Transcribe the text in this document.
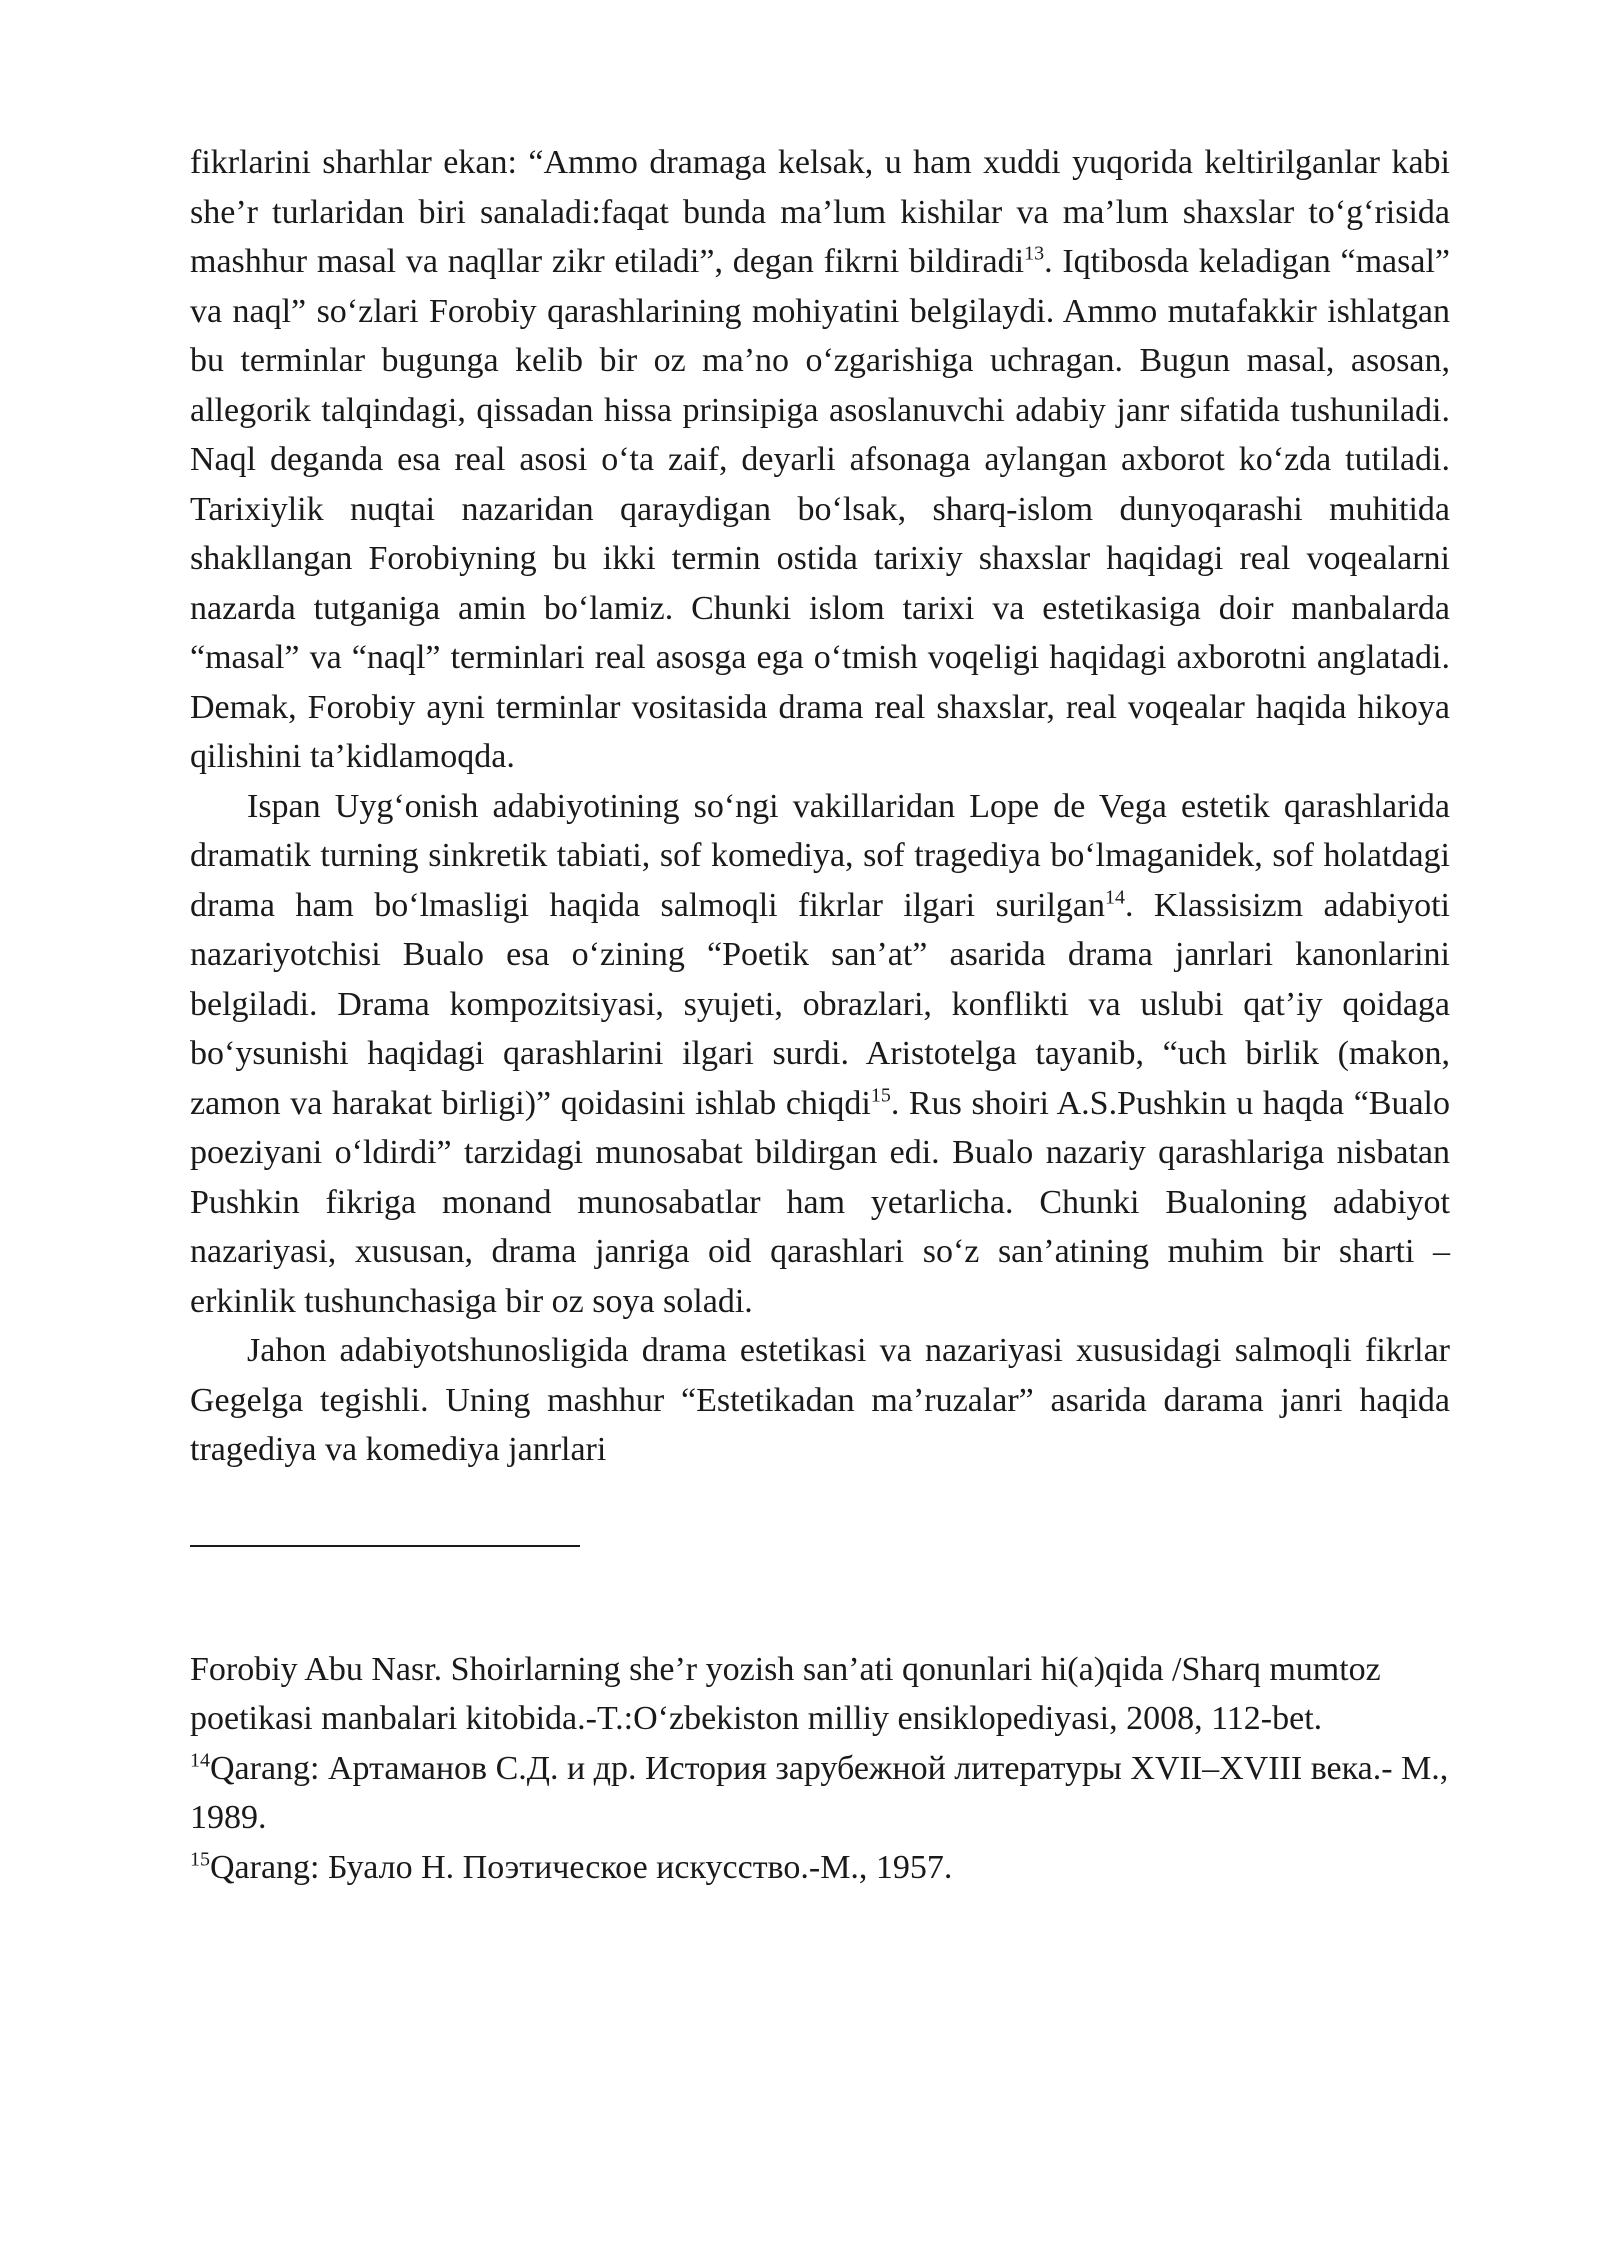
fikrlarini sharhlar ekan: “Ammo dramaga kelsak, u ham xuddi yuqorida keltirilganlar kabi she’r turlaridan biri sanaladi:faqat bunda ma’lum kishilar va ma’lum shaxslar to‘g‘risida mashhur masal va naqllar zikr etiladi”, degan fikrni bildiradi$^{13}$. Iqtibosda keladigan “masal” va naql” so‘zlari Forobiy qarashlarining mohiyatini belgilaydi. Ammo mutafakkir ishlatgan bu terminlar bugunga kelib bir oz ma’no o‘zgarishiga uchragan. Bugun masal, asosan, allegorik talqindagi, qissadan hissa prinsipiga asoslanuvchi adabiy janr sifatida tushuniladi. Naql deganda esa real asosi o‘ta zaif, deyarli afsonaga aylangan axborot ko‘zda tutiladi. Tarixiylik nuqtai nazaridan qaraydigan bo‘lsak, sharq-islom dunyoqarashi muhitida shakllangan Forobiyning bu ikki termin ostida tarixiy shaxslar haqidagi real voqealarni nazarda tutganiga amin bo‘lamiz. Chunki islom tarixi va estetikasiga doir manbalarda “masal” va “naql” terminlari real asosga ega o‘tmish voqeligi haqidagi axborotni anglatadi. Demak, Forobiy ayni terminlar vositasida drama real shaxslar, real voqealar haqida hikoya qilishini ta’kidlamoqda.

Ispan Uyg‘onish adabiyotining so‘ngi vakillaridan Lope de Vega estetik qarashlarida dramatik turning sinkretik tabiati, sof komediya, sof tragediya bo‘lmaganidek, sof holatdagi drama ham bo‘lmasligi haqida salmoqli fikrlar ilgari surilgan$^{14}$. Klassisizm adabiyoti nazariyotchisi Bualo esa o‘zining “Poetik san’at” asarida drama janrlari kanonlarini belgiladi. Drama kompozitsiyasi, syujeti, obrazlari, konflikti va uslubi qat’iy qoidaga bo‘ysunishi haqidagi qarashlarini ilgari surdi. Aristotelga tayanib, “uch birlik (makon, zamon va harakat birligi)” qoidasini ishlab chiqdi$^{15}$. Rus shoiri A.S.Pushkin u haqda “Bualo poeziyani o‘ldirdi” tarzidagi munosabat bildirgan edi. Bualo nazariy qarashlariga nisbatan Pushkin fikriga monand munosabatlar ham yetarlicha. Chunki Bualoning adabiyot nazariyasi, xususan, drama janriga oid qarashlari so‘z san’atining muhim bir sharti – erkinlik tushunchasiga bir oz soya soladi.

Jahon adabiyotshunosligida drama estetikasi va nazariyasi xususidagi salmoqli fikrlar Gegelga tegishli. Uning mashhur “Estetikadan ma’ruzalar” asarida darama janri haqida tragediya va komediya janrlari

Forobiy Abu Nasr. Shoirlarning she’r yozish san’ati qonunlari hi(a)qida /Sharq mumtoz poetikasi manbalari kitobida.-T.:O‘zbekiston milliy ensiklopediyasi, 2008, 112-bet.

$^{14}$Qarang: Артаманов С.Д. и др. История зарубежной литературы XVII–XVIII века.- М., 1989.

$^{15}$Qarang: Буало Н. Поэтическое искусство.-М., 1957.
